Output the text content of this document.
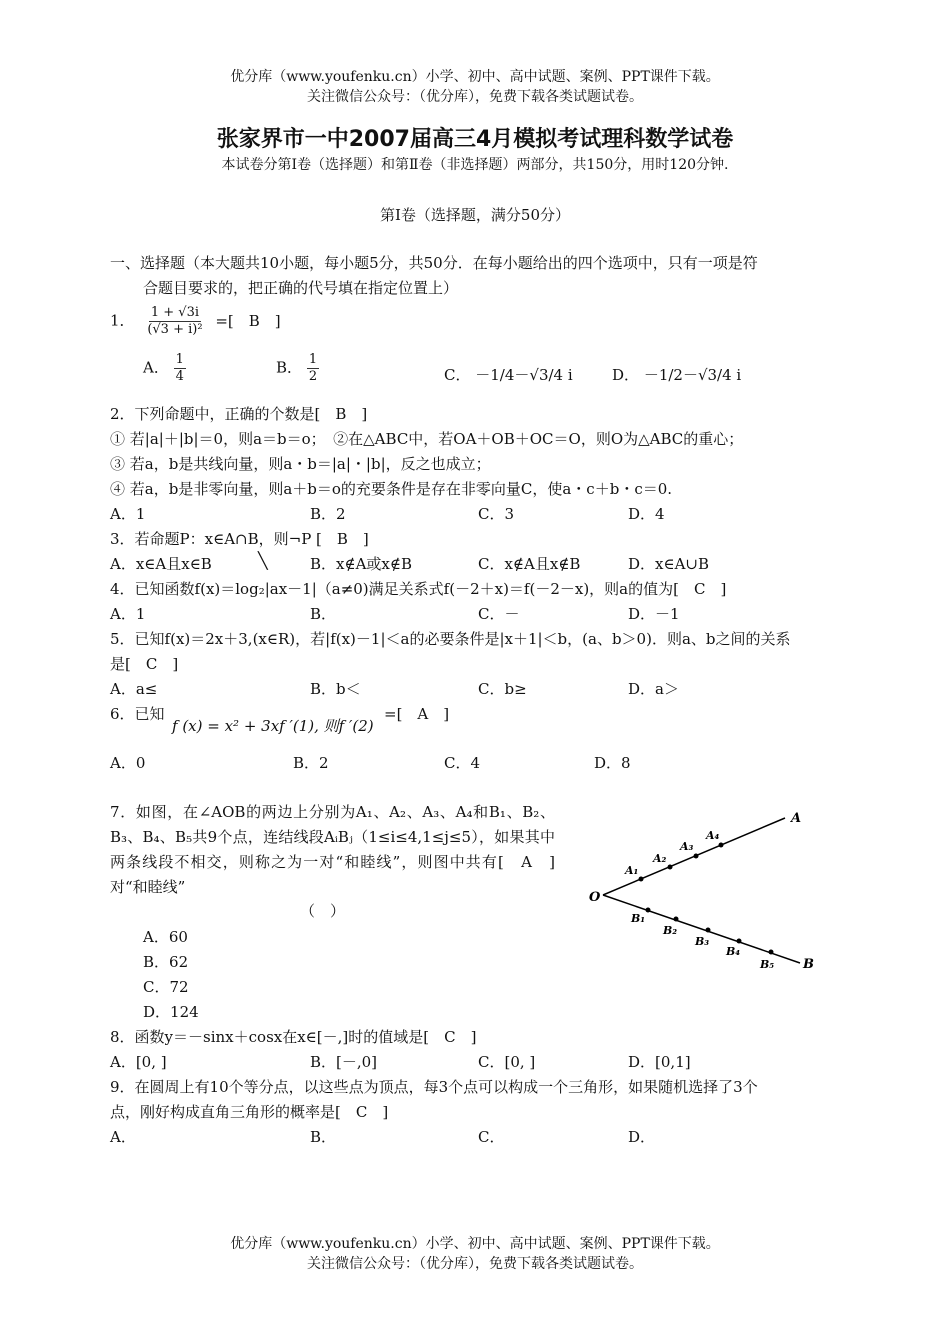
优分库（www.youfenku.cn）小学、初中、高中试题、案例、PPT课件下载。
关注微信公众号：（优分库），免费下载各类试题试卷。
张家界市一中2007届高三4月模拟考试理科数学试卷
本试卷分第Ⅰ卷（选择题）和第Ⅱ卷（非选择题）两部分，共150分，用时120分钟.
第Ⅰ卷（选择题，满分50分）
一、选择题（本大题共10小题，每小题5分，共50分．在每小题给出的四个选项中，只有一项是符
合题目要求的，把正确的代号填在指定位置上）
1． $\frac{1 + √3i}{\text{(√3 + i)²}}$ =[　B　]
A． $\frac{1}{4}$	B． $\frac{1}{2}$	C． －1/4－√3/4 i	D． －1/2－√3/4 i
2．下列命题中，正确的个数是[　B　]
① 若|a|＋|b|＝0，则a＝b＝o；　②在△ABC中，若OA＋OB＋OC＝O，则O为△ABC的重心；
③ 若a，b是共线向量，则a・b＝|a|・|b|，反之也成立；
④ 若a，b是非零向量，则a＋b＝o的充要条件是存在非零向量C，使a・c＋b・c＝0.
A．1	B．2	C．3	D．4
3．若命题P：x∈A∩B，则¬P [　B　]
A．x∈A且x∈B	╲	B．x∉A或x∉B	C．x∉A且x∉B	D．x∈A∪B
4．已知函数f(x)＝log₂|ax－1|（a≠0)满足关系式f(－2＋x)＝f(－2－x)，则a的值为[　C　]
A．1	B．	C．－	D．－1
5．已知f(x)＝2x＋3,(x∈R)，若|f(x)－1|＜a的必要条件是|x＋1|＜b，(a、b＞0)．则a、b之间的关系
是[　C　]
A．a≤	B．b＜	C．b≥	D．a＞
6．已知
f (x) = x² + 3xf ′(1), 则f ′(2)
=[　A　]
A．0	B．2	C．4	D．8
7．如图，在∠AOB的两边上分别为A₁、A₂、A₃、A₄和B₁、B₂、B₃、B₄、B₅共9个点，连结线段AᵢBⱼ（1≤i≤4,1≤j≤5），如果其中两条线段不相交，则称之为一对“和睦线”，则图中共有[　A　]对“和睦线”
（　）
A．60
B．62
C．72
D．124
O
A
B
A₁
A₂
A₃
A₄
B₁
B₂
B₃
B₄
B₅
8．函数y＝－sinx＋cosx在x∈[－,]时的值域是[　C　]
A．[0, ]	B．[－,0]	C．[0, ]	D．[0,1]
9．在圆周上有10个等分点，以这些点为顶点，每3个点可以构成一个三角形，如果随机选择了3个
点，刚好构成直角三角形的概率是[　C　]
A．	B．	C．	D．
优分库（www.youfenku.cn）小学、初中、高中试题、案例、PPT课件下载。
关注微信公众号：（优分库），免费下载各类试题试卷。
